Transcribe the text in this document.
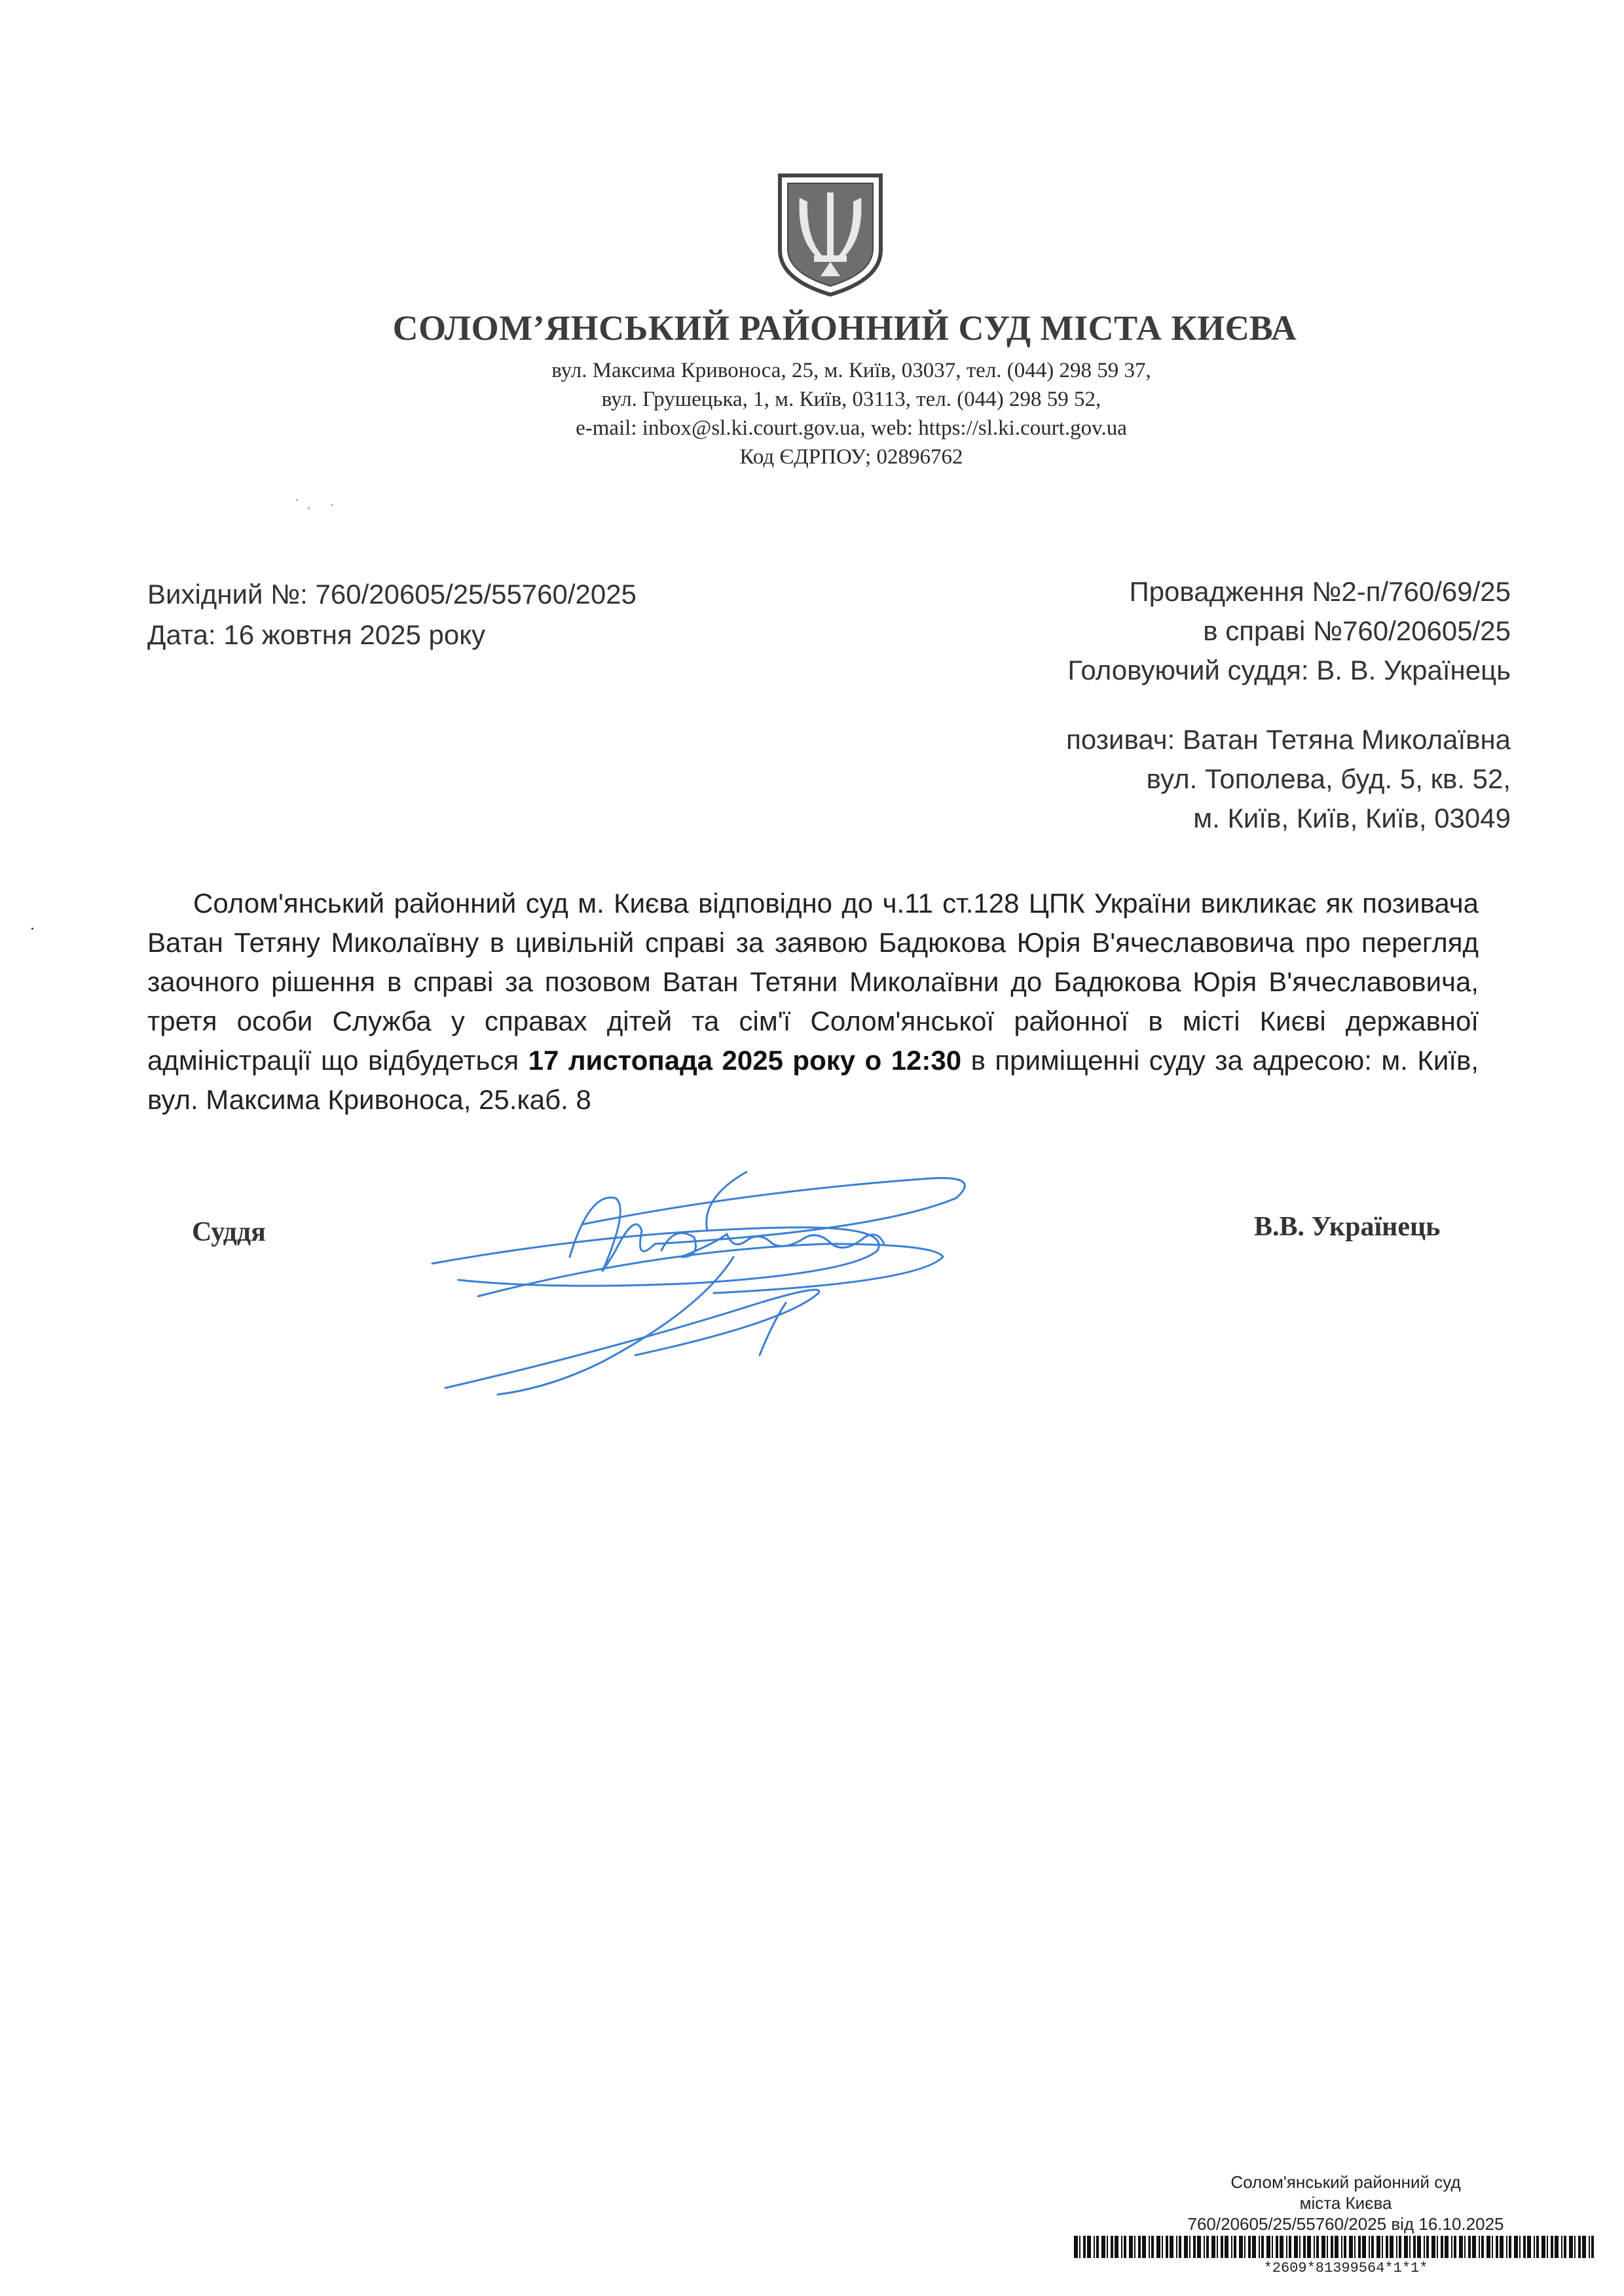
СОЛОМ’ЯНСЬКИЙ РАЙОННИЙ СУД МІСТА КИЄВА
вул. Максима Кривоноса, 25, м. Київ, 03037, тел. (044) 298 59 37,
вул. Грушецька, 1, м. Київ, 03113, тел. (044) 298 59 52,
e-mail: inbox@sl.ki.court.gov.ua, web: https://sl.ki.court.gov.ua
Код ЄДРПОУ; 02896762
Вихідний №: 760/20605/25/55760/2025
Дата: 16 жовтня 2025 року
Провадження №2-п/760/69/25
в справі №760/20605/25
Головуючий суддя: В. В. Українець
позивач: Ватан Тетяна Миколаївна
вул. Тополева, буд. 5, кв. 52,
м. Київ, Київ, Київ, 03049
Солом'янський районний суд м. Києва відповідно до ч.11 ст.128 ЦПК України викликає як позивача Ватан Тетяну Миколаївну в цивільній справі за заявою Бадюкова Юрія В'ячеславовича про перегляд заочного рішення в справі за позовом Ватан Тетяни Миколаївни до Бадюкова Юрія В'ячеславовича, третя особи Служба у справах дітей та сім'ї Солом'янської районної в місті Києві державної адміністрації що відбудеться 17 листопада 2025 року о 12:30 в приміщенні суду за адресою: м. Київ, вул. Максима Кривоноса, 25.каб. 8
Суддя	В.В. Українець
Солом'янський районний суд
міста Києва
760/20605/25/55760/2025 від 16.10.2025
*2609*81399564*1*1*
